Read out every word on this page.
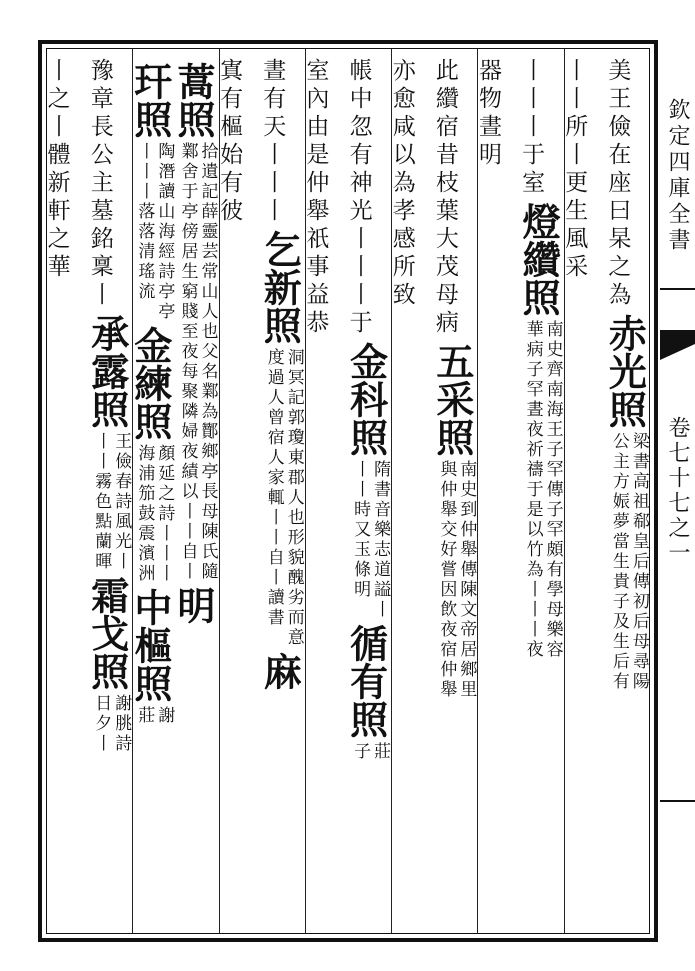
美王儉在座曰杲之為
赤光照
梁書高祖郗皇后傳初后母尋陽
公主方娠夢當生貴子及生后有
丨丨所丨更生風采
丨丨丨于室
燈纘照
南史齊南海王子罕傳子罕頗有學母樂容
華病子罕晝夜祈禱于是以竹為丨丨丨夜
器物晝明
此纘宿昔枝葉大茂母病
五采照
南史到仲舉傳陳文帝居鄉里
與仲舉交好嘗因飲夜宿仲舉
亦愈咸以為孝感所致
帳中忽有神光丨丨丨于
金科照
隋書音樂志道謚丨
丨丨時又玉條明
循有照
莊
子
室內由是仲舉祇事益恭
晝有天丨丨丨
乞新照
洞冥記郭瓊東郡人也形貌醜劣而意
度過人曾宿人家輒丨丨自丨讀書
麻
寘有樞始有彼
蒿照
拾遺記薛靈芸常山人也父名鄴為酇鄉亭長母陳氏隨
鄴舍于亭傍居生窮賤至夜每聚隣婦夜績以丨丨自丨
明
玕照
陶潛讀山海經詩亭亭
丨丨丨落落清瑤流
金練照
顏延之詩丨丨丨
海浦笳鼓震濱洲
中樞照
謝
莊
豫章長公主墓銘稟丨
承露照
王儉春詩風光丨
丨丨霧色點蘭暉
霜戈照
謝朓詩
日夕丨
丨之丨體新軒之華	欽定四庫全書
卷七十七之一
